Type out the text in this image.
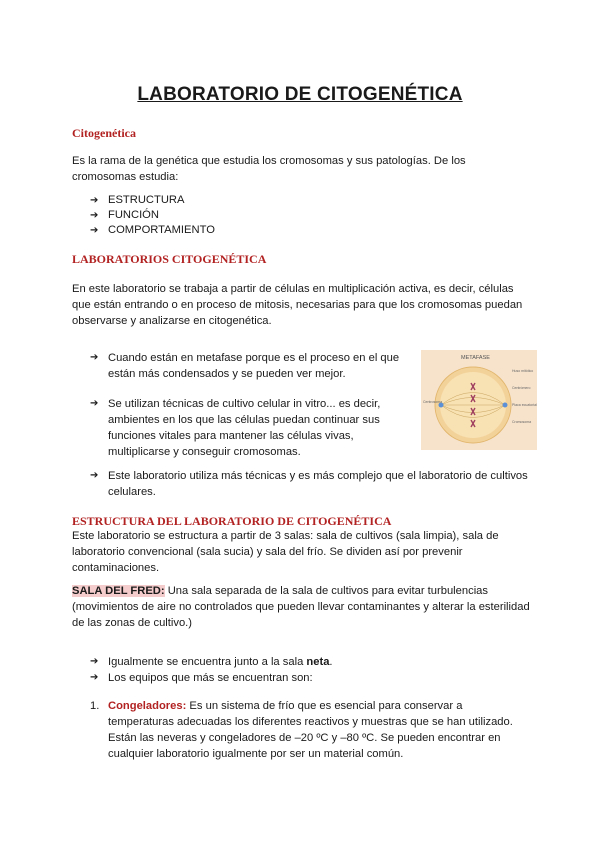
LABORATORIO DE CITOGENÉTICA
Citogenética
Es la rama de la genética que estudia los cromosomas y sus patologías. De los
cromosomas estudia:
➔ ESTRUCTURA
➔ FUNCIÓN
➔ COMPORTAMIENTO
LABORATORIOS CITOGENÉTICA
En este laboratorio se trabaja a partir de células en multiplicación activa, es decir, células
que están entrando o en proceso de mitosis, necesarias para que los cromosomas puedan
observarse y analizarse en citogenética.
➔ Cuando están en metafase porque es el proceso en el que
están más condensados y se pueden ver mejor.
➔ Se utilizan técnicas de cultivo celular in vitro... es decir,
ambientes en los que las células puedan continuar sus
funciones vitales para mantener las células vivas,
multiplicarse y conseguir cromosomas.
➔ Este laboratorio utiliza más técnicas y es más complejo que el laboratorio de cultivos
celulares.
METAFASE
Huso mitótico
Centrómero
Placa ecuatorial
Centrosoma
Cromosoma
ESTRUCTURA DEL LABORATORIO DE CITOGENÉTICA
Este laboratorio se estructura a partir de 3 salas: sala de cultivos (sala limpia), sala de
laboratorio convencional (sala sucia) y sala del frío. Se dividen así por prevenir
contaminaciones.
SALA DEL FRED: Una sala separada de la sala de cultivos para evitar turbulencias
(movimientos de aire no controlados que pueden llevar contaminantes y alterar la esterilidad
de las zonas de cultivo.)
➔ Igualmente se encuentra junto a la sala neta.
➔ Los equipos que más se encuentran son:
1. Congeladores: Es un sistema de frío que es esencial para conservar a
temperaturas adecuadas los diferentes reactivos y muestras que se han utilizado.
Están las neveras y congeladores de –20 ºC y –80 ºC. Se pueden encontrar en
cualquier laboratorio igualmente por ser un material común.
